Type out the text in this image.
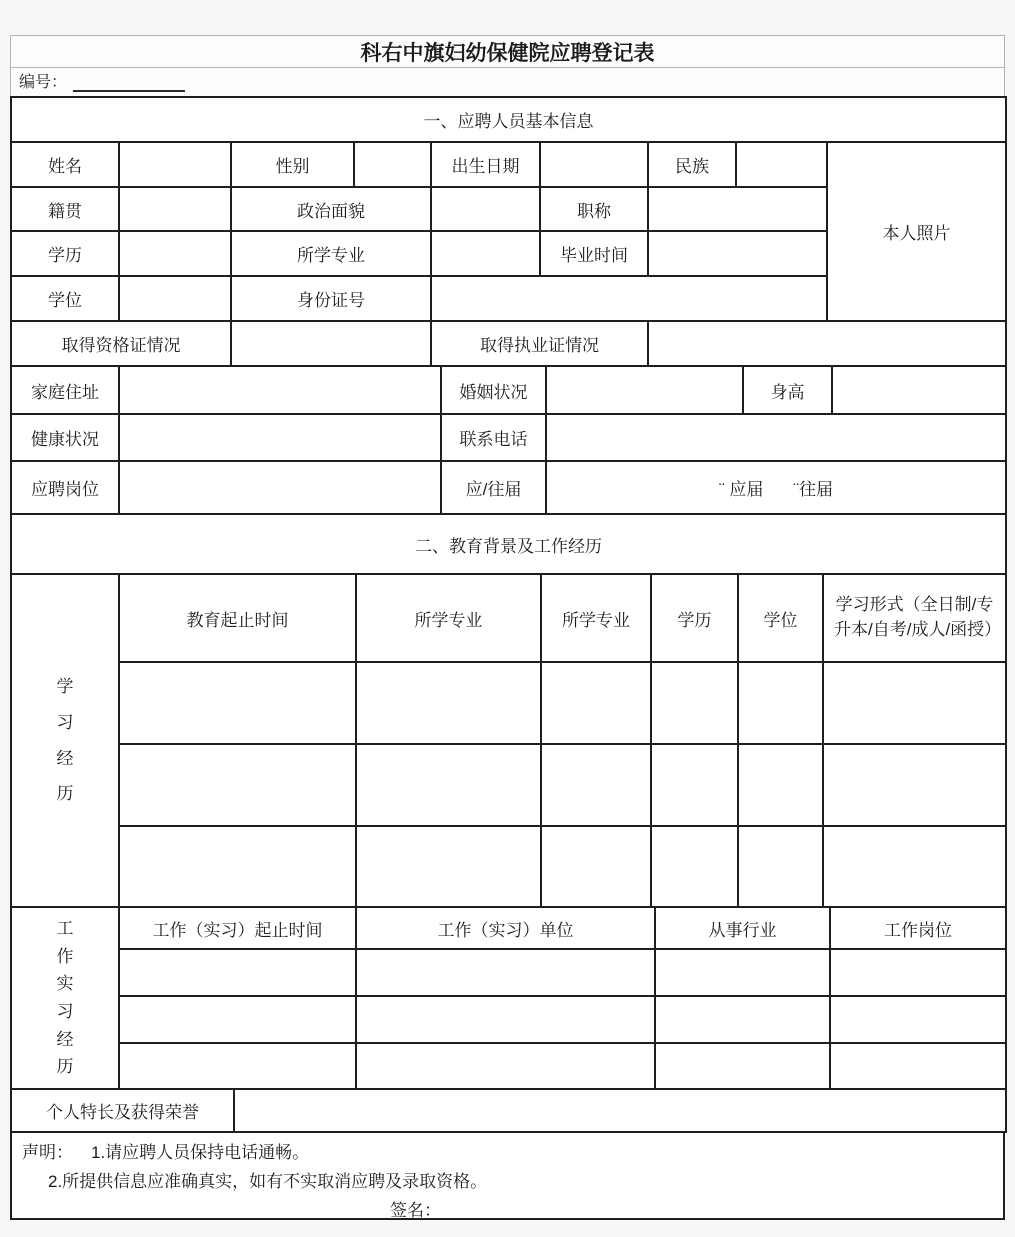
科右中旗妇幼保健院应聘登记表
编号：
一、应聘人员基本信息
姓名		性别		出生日期		民族		本人照片
籍贯		政治面貌			职称			
学历		所学专业			毕业时间			
学位		身份证号						
取得资格证情况				取得执业证情况				
家庭住址		婚姻状况		身高	
健康状况		联系电话			
应聘岗位		应/往届	¨ 应届 ¨往届		
二、教育背景及工作经历
学习经历	教育起止时间	所学专业	所学专业	学历	学位	学习形式（全日制/专升本/自考/成人/函授）

工作实习经历	工作（实习）起止时间	工作（实习）单位	从事行业	工作岗位

个人特长及获得荣誉	
声明： 1.请应聘人员保持电话通畅。
2.所提供信息应准确真实，如有不实取消应聘及录取资格。
签名：
